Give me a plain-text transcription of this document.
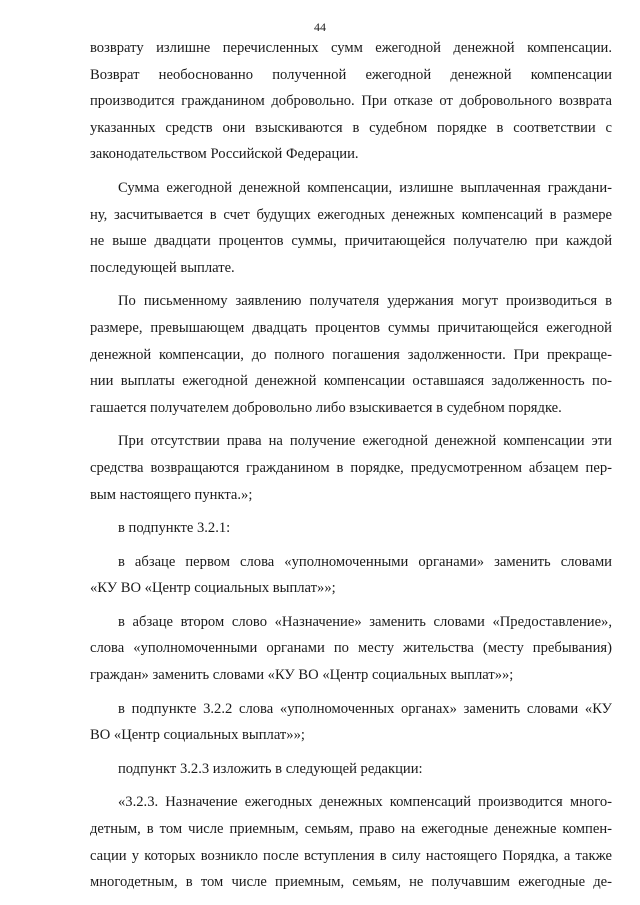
44
возврату излишне перечисленных сумм ежегодной денежной компенсации.
Возврат необоснованно полученной ежегодной денежной компенсации
производится гражданином добровольно. При отказе от добровольного возврата
указанных средств они взыскиваются в судебном порядке в соответствии с
законодательством Российской Федерации.
Сумма ежегодной денежной компенсации, излишне выплаченная граждани-
ну, засчитывается в счет будущих ежегодных денежных компенсаций в размере
не выше двадцати процентов суммы, причитающейся получателю при каждой
последующей выплате.
По письменному заявлению получателя удержания могут производиться в
размере, превышающем двадцать процентов суммы причитающейся ежегодной
денежной компенсации, до полного погашения задолженности. При прекраще-
нии выплаты ежегодной денежной компенсации оставшаяся задолженность по-
гашается получателем добровольно либо взыскивается в судебном порядке.
При отсутствии права на получение ежегодной денежной компенсации эти
средства возвращаются гражданином в порядке, предусмотренном абзацем пер-
вым настоящего пункта.»;
в подпункте 3.2.1:
в абзаце первом слова «уполномоченными органами» заменить словами
«КУ ВО «Центр социальных выплат»»;
в абзаце втором слово «Назначение» заменить словами «Предоставление»,
слова «уполномоченными органами по месту жительства (месту пребывания)
граждан» заменить словами «КУ ВО «Центр социальных выплат»»;
в подпункте 3.2.2 слова «уполномоченных органах» заменить словами «КУ
ВО «Центр социальных выплат»»;
подпункт 3.2.3 изложить в следующей редакции:
«3.2.3. Назначение ежегодных денежных компенсаций производится много-
детным, в том числе приемным, семьям, право на ежегодные денежные компен-
сации у которых возникло после вступления в силу настоящего Порядка, а также
многодетным, в том числе приемным, семьям, не получавшим ежегодные де-
